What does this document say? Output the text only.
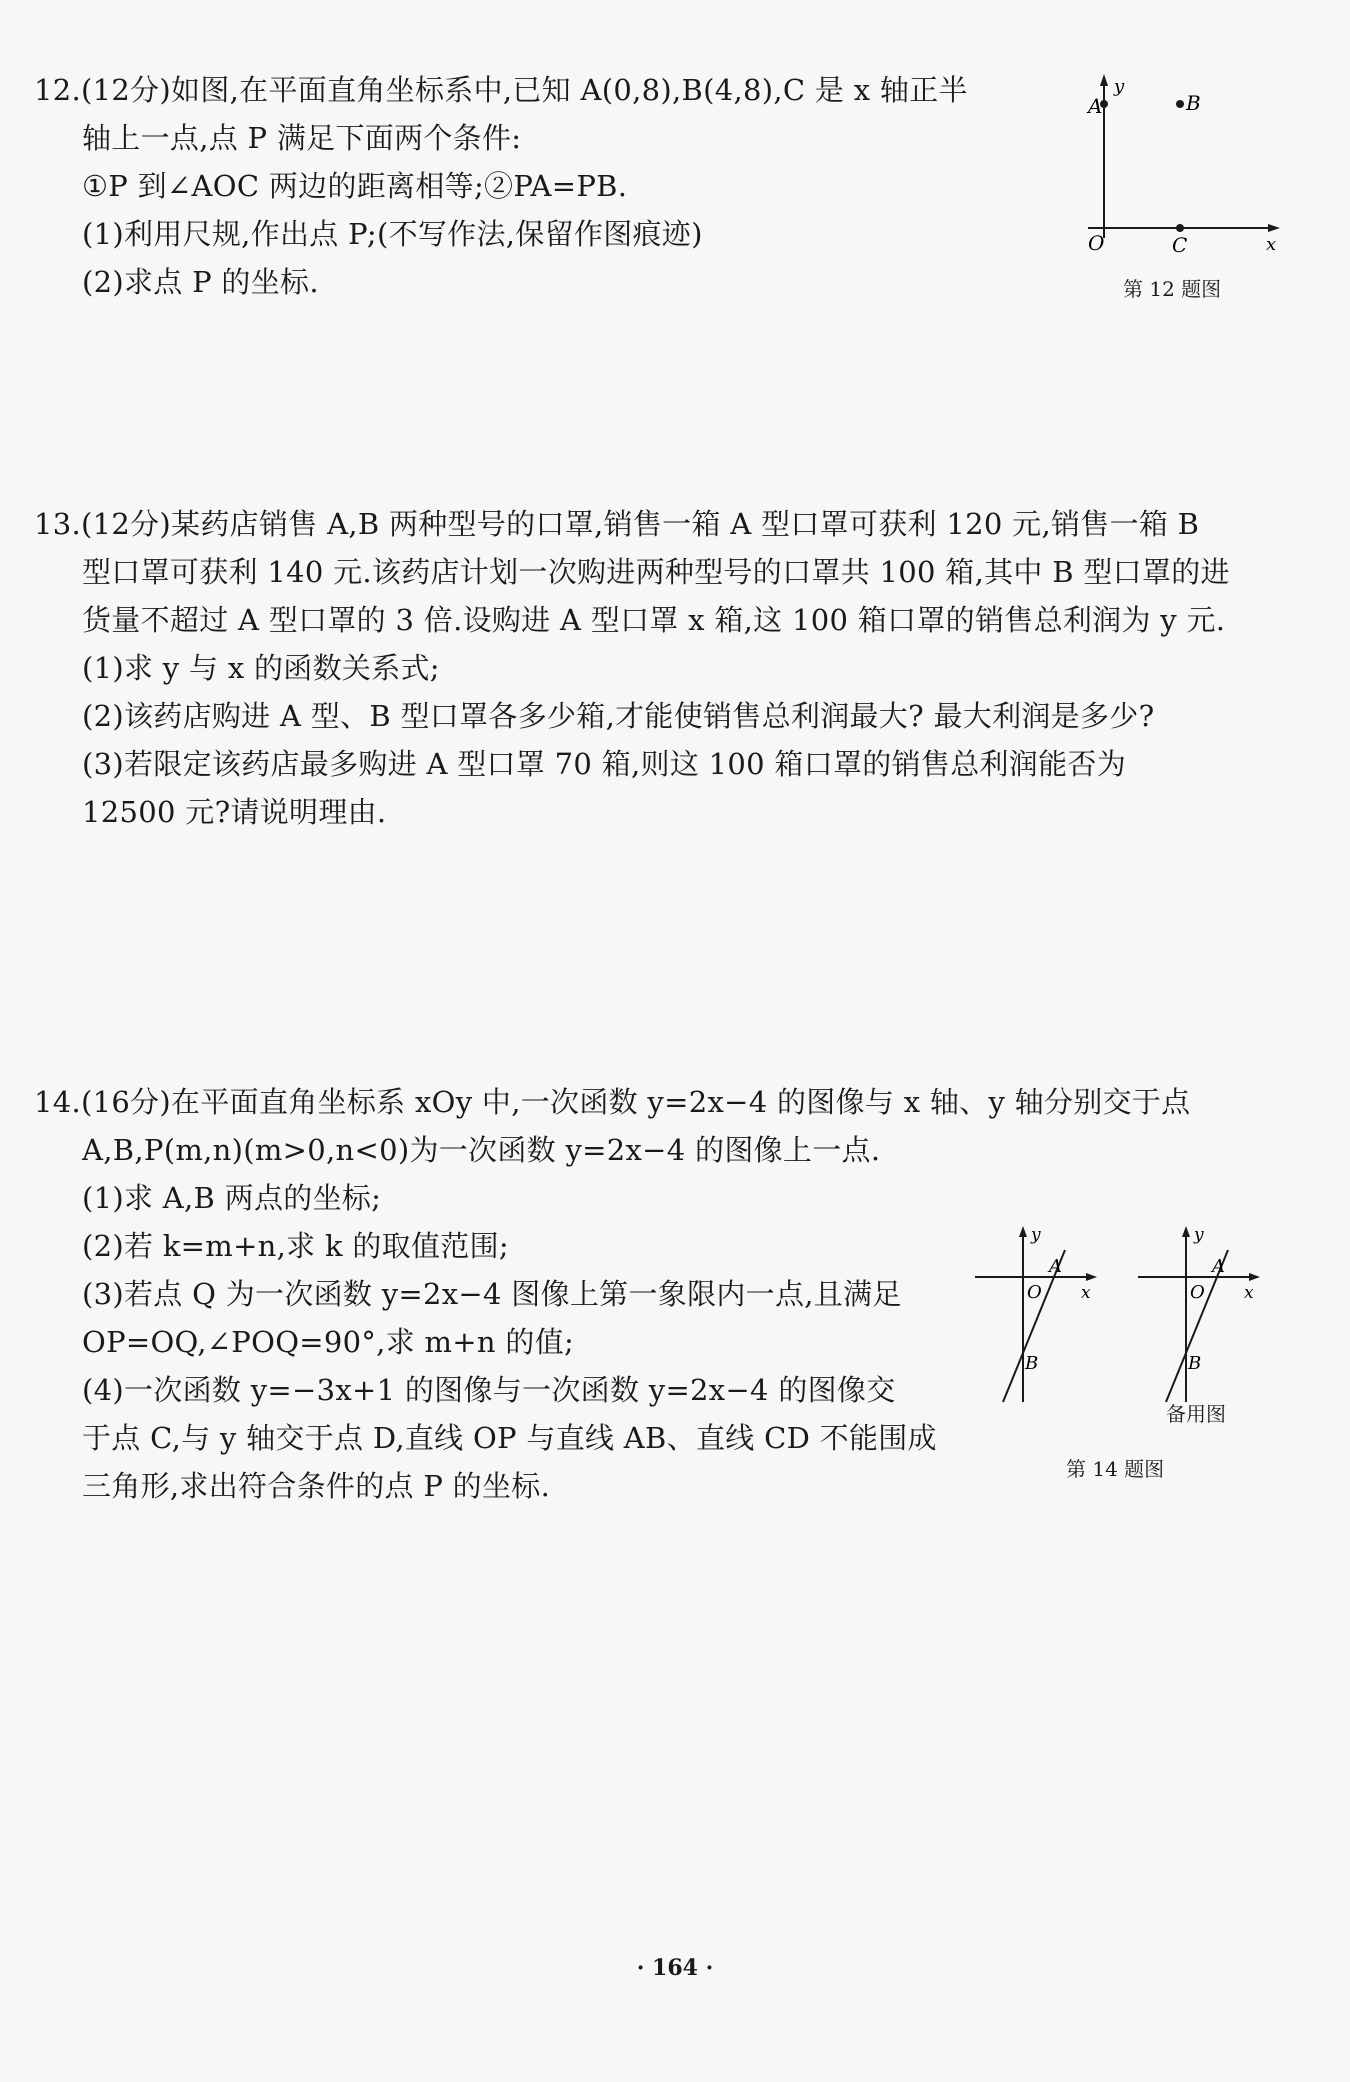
12.(12分)如图,在平面直角坐标系中,已知 A(0,8),B(4,8),C 是 x 轴正半
轴上一点,点 P 满足下面两个条件:
①P 到∠AOC 两边的距离相等;②PA=PB.
(1)利用尺规,作出点 P;(不写作法,保留作图痕迹)
(2)求点 P 的坐标.
A
y
B
O	C	x
第 12 题图
13.(12分)某药店销售 A,B 两种型号的口罩,销售一箱 A 型口罩可获利 120 元,销售一箱 B
型口罩可获利 140 元.该药店计划一次购进两种型号的口罩共 100 箱,其中 B 型口罩的进
货量不超过 A 型口罩的 3 倍.设购进 A 型口罩 x 箱,这 100 箱口罩的销售总利润为 y 元.
(1)求 y 与 x 的函数关系式;
(2)该药店购进 A 型、B 型口罩各多少箱,才能使销售总利润最大? 最大利润是多少?
(3)若限定该药店最多购进 A 型口罩 70 箱,则这 100 箱口罩的销售总利润能否为
12500 元?请说明理由.
14.(16分)在平面直角坐标系 xOy 中,一次函数 y=2x−4 的图像与 x 轴、y 轴分别交于点
A,B,P(m,n)(m>0,n<0)为一次函数 y=2x−4 的图像上一点.
(1)求 A,B 两点的坐标;
(2)若 k=m+n,求 k 的取值范围;
(3)若点 Q 为一次函数 y=2x−4 图像上第一象限内一点,且满足
OP=OQ,∠POQ=90°,求 m+n 的值;
(4)一次函数 y=−3x+1 的图像与一次函数 y=2x−4 的图像交
于点 C,与 y 轴交于点 D,直线 OP 与直线 AB、直线 CD 不能围成
三角形,求出符合条件的点 P 的坐标.
y
A
O x
B
y
A
O x
B
备用图
第 14 题图
· 164 ·
